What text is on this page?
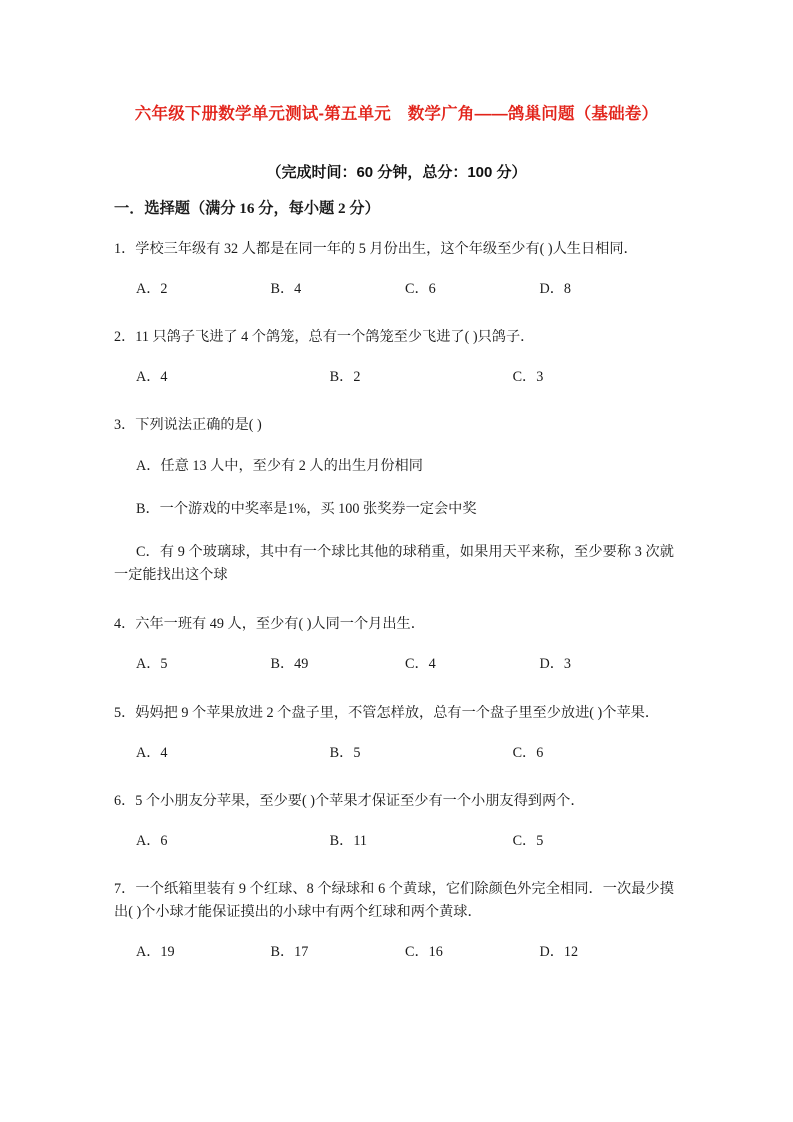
六年级下册数学单元测试-第五单元　数学广角——鸽巢问题（基础卷）
（完成时间：60 分钟，总分：100 分）
一．选择题（满分 16 分，每小题 2 分）

1．学校三年级有 32 人都是在同一年的 5 月份出生，这个年级至少有( )人生日相同．

A．2	B．4	C．6	D．8

2．11 只鸽子飞进了 4 个鸽笼，总有一个鸽笼至少飞进了( )只鸽子．

A．4	B．2	C．3

3．下列说法正确的是( )

A．任意 13 人中，至少有 2 人的出生月份相同

B．一个游戏的中奖率是1%，买 100 张奖券一定会中奖

C．有 9 个玻璃球，其中有一个球比其他的球稍重，如果用天平来称，至少要称 3 次就一定能找出这个球

4．六年一班有 49 人，至少有( )人同一个月出生．

A．5	B．49	C．4	D．3

5．妈妈把 9 个苹果放进 2 个盘子里，不管怎样放，总有一个盘子里至少放进( )个苹果．

A．4	B．5	C．6

6．5 个小朋友分苹果，至少要( )个苹果才保证至少有一个小朋友得到两个．

A．6	B．11	C．5

7．一个纸箱里装有 9 个红球、8 个绿球和 6 个黄球，它们除颜色外完全相同．一次最少摸出( )个小球才能保证摸出的小球中有两个红球和两个黄球．

A．19	B．17	C．16	D．12
